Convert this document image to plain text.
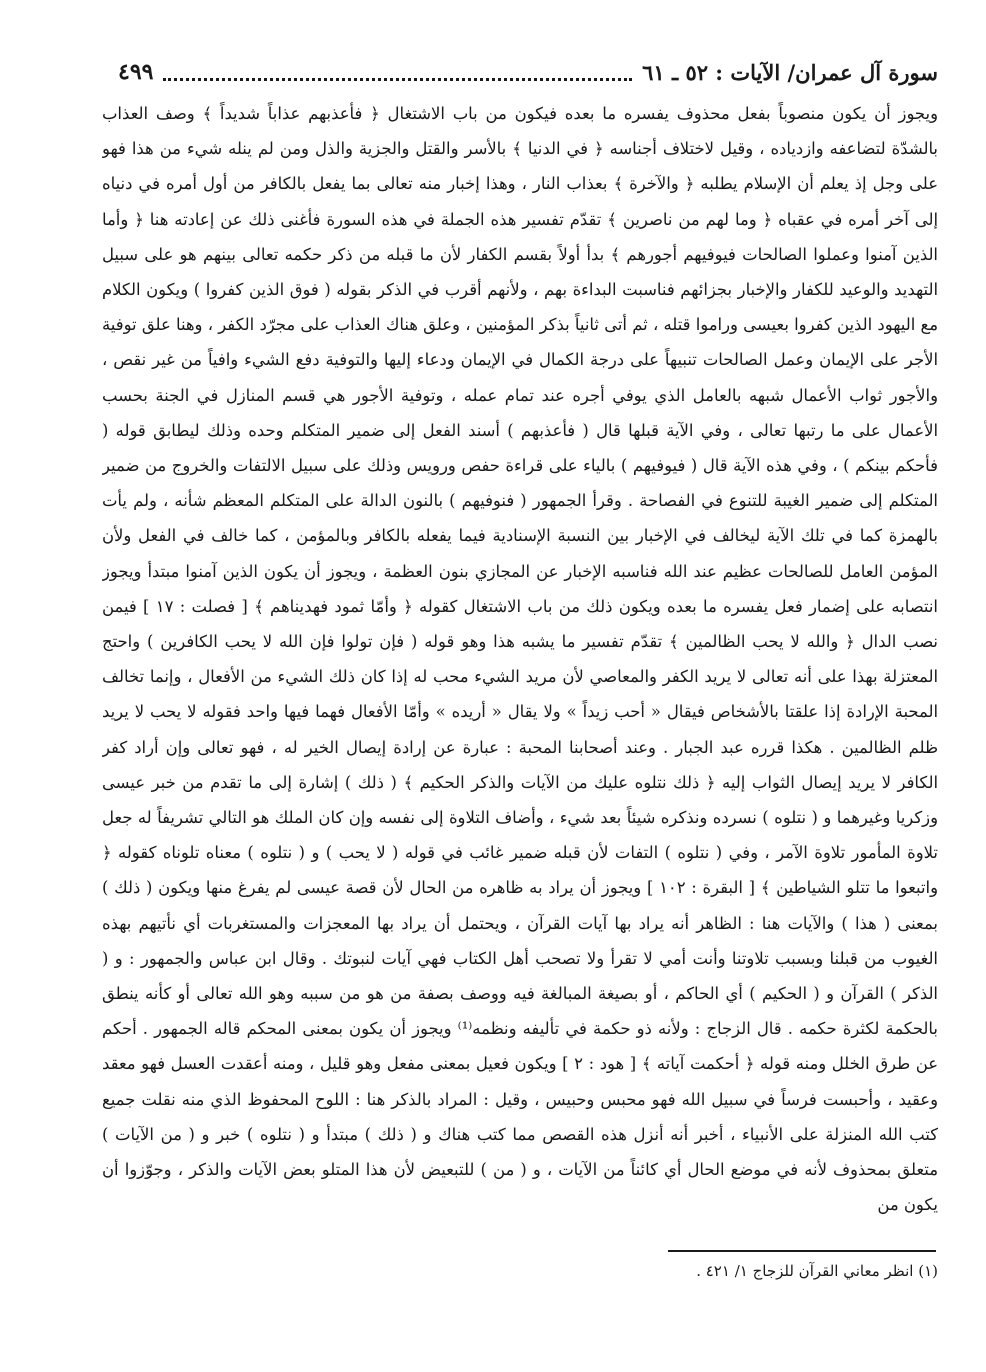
سورة آل عمران/ الآيات : ٥٢ ـ ٦١
٤٩٩

ويجوز أن يكون منصوباً بفعل محذوف يفسره ما بعده فيكون من باب الاشتغال ﴿ فأعذبهم عذاباً شديداً ﴾ وصف العذاب بالشدّة لتضاعفه وازدياده ، وقيل لاختلاف أجناسه ﴿ في الدنيا ﴾ بالأسر والقتل والجزية والذل ومن لم ينله شيء من هذا فهو على وجل إذ يعلم أن الإسلام يطلبه ﴿ والآخرة ﴾ بعذاب النار ، وهذا إخبار منه تعالى بما يفعل بالكافر من أول أمره في دنياه إلى آخر أمره في عقباه ﴿ وما لهم من ناصرين ﴾ تقدّم تفسير هذه الجملة في هذه السورة فأغنى ذلك عن إعادته هنا ﴿ وأما الذين آمنوا وعملوا الصالحات فيوفيهم أجورهم ﴾ بدأ أولاً بقسم الكفار لأن ما قبله من ذكر حكمه تعالى بينهم هو على سبيل التهديد والوعيد للكفار والإخبار بجزائهم فناسبت البداءة بهم ، ولأنهم أقرب في الذكر بقوله ( فوق الذين كفروا ) ويكون الكلام مع اليهود الذين كفروا بعيسى وراموا قتله ، ثم أتى ثانياً بذكر المؤمنين ، وعلق هناك العذاب على مجرّد الكفر ، وهنا علق توفية الأجر على الإيمان وعمل الصالحات تنبيهاً على درجة الكمال في الإيمان ودعاء إليها والتوفية دفع الشيء وافياً من غير نقص ، والأجور ثواب الأعمال شبهه بالعامل الذي يوفي أجره عند تمام عمله ، وتوفية الأجور هي قسم المنازل في الجنة بحسب الأعمال على ما رتبها تعالى ، وفي الآية قبلها قال ( فأعذبهم ) أسند الفعل إلى ضمير المتكلم وحده وذلك ليطابق قوله ( فأحكم بينكم ) ، وفي هذه الآية قال ( فيوفيهم ) بالياء على قراءة حفص ورويس وذلك على سبيل الالتفات والخروج من ضمير المتكلم إلى ضمير الغيبة للتنوع في الفصاحة . وقرأ الجمهور ( فنوفيهم ) بالنون الدالة على المتكلم المعظم شأنه ، ولم يأت بالهمزة كما في تلك الآية ليخالف في الإخبار بين النسبة الإسنادية فيما يفعله بالكافر وبالمؤمن ، كما خالف في الفعل ولأن المؤمن العامل للصالحات عظيم عند الله فناسبه الإخبار عن المجازي بنون العظمة ، ويجوز أن يكون الذين آمنوا مبتدأ ويجوز انتصابه على إضمار فعل يفسره ما بعده ويكون ذلك من باب الاشتغال كقوله ﴿ وأمّا ثمود فهديناهم ﴾ [ فصلت : ١٧ ] فيمن نصب الدال ﴿ والله لا يحب الظالمين ﴾ تقدّم تفسير ما يشبه هذا وهو قوله ( فإن تولوا فإن الله لا يحب الكافرين ) واحتج المعتزلة بهذا على أنه تعالى لا يريد الكفر والمعاصي لأن مريد الشيء محب له إذا كان ذلك الشيء من الأفعال ، وإنما تخالف المحبة الإرادة إذا علقتا بالأشخاص فيقال « أحب زيداً » ولا يقال « أريده » وأمّا الأفعال فهما فيها واحد فقوله لا يحب لا يريد ظلم الظالمين . هكذا قرره عبد الجبار . وعند أصحابنا المحبة : عبارة عن إرادة إيصال الخير له ، فهو تعالى وإن أراد كفر الكافر لا يريد إيصال الثواب إليه ﴿ ذلك نتلوه عليك من الآيات والذكر الحكيم ﴾ ( ذلك ) إشارة إلى ما تقدم من خبر عيسى وزكريا وغيرهما و ( نتلوه ) نسرده ونذكره شيئاً بعد شيء ، وأضاف التلاوة إلى نفسه وإن كان الملك هو التالي تشريفاً له جعل تلاوة المأمور تلاوة الآمر ، وفي ( نتلوه ) التفات لأن قبله ضمير غائب في قوله ( لا يحب ) و ( نتلوه ) معناه تلوناه كقوله ﴿ واتبعوا ما تتلو الشياطين ﴾ [ البقرة : ١٠٢ ] ويجوز أن يراد به ظاهره من الحال لأن قصة عيسى لم يفرغ منها ويكون ( ذلك ) بمعنى ( هذا ) والآيات هنا : الظاهر أنه يراد بها آيات القرآن ، ويحتمل أن يراد بها المعجزات والمستغربات أي نأتيهم بهذه الغيوب من قبلنا وبسبب تلاوتنا وأنت أمي لا تقرأ ولا تصحب أهل الكتاب فهي آيات لنبوتك . وقال ابن عباس والجمهور : و ( الذكر ) القرآن و ( الحكيم ) أي الحاكم ، أو بصيغة المبالغة فيه ووصف بصفة من هو من سببه وهو الله تعالى أو كأنه ينطق بالحكمة لكثرة حكمه . قال الزجاج : ولأنه ذو حكمة في تأليفه ونظمه⁽¹⁾ ويجوز أن يكون بمعنى المحكم قاله الجمهور . أحكم عن طرق الخلل ومنه قوله ﴿ أحكمت آياته ﴾ [ هود : ٢ ] ويكون فعيل بمعنى مفعل وهو قليل ، ومنه أعقدت العسل فهو معقد وعقيد ، وأحبست فرساً في سبيل الله فهو محبس وحبيس ، وقيل : المراد بالذكر هنا : اللوح المحفوظ الذي منه نقلت جميع كتب الله المنزلة على الأنبياء ، أخبر أنه أنزل هذه القصص مما كتب هناك و ( ذلك ) مبتدأ و ( نتلوه ) خبر و ( من الآيات ) متعلق بمحذوف لأنه في موضع الحال أي كائناً من الآيات ، و ( من ) للتبعيض لأن هذا المتلو بعض الآيات والذكر ، وجوّزوا أن يكون من

(١) انظر معاني القرآن للزجاج ١/ ٤٢١ .
